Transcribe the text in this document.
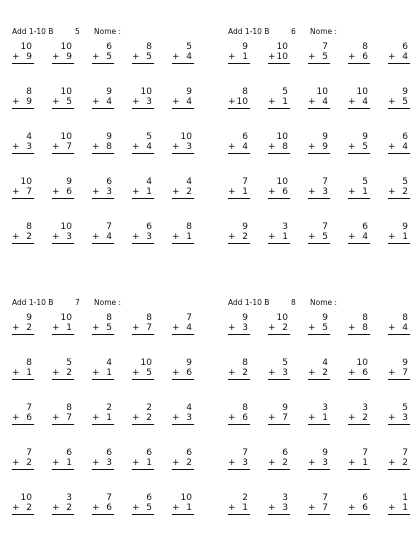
Add 1-10 B	5 Nome :
10
+ 9
10
+ 9
6
+ 5
8
+ 5
5
+ 4
8
+ 9
10
+ 5
9
+ 4
10
+ 3
9
+ 4
4
+ 3
10
+ 7
9
+ 8
5
+ 4
10
+ 3
10
+ 7
9
+ 6
6
+ 3
4
+ 1
4
+ 2
8
+ 2
10
+ 3
7
+ 4
6
+ 3
8
+ 1
Add 1-10 B	6 Nome :
9
+ 1
10
+ 10
7
+ 5
8
+ 6
6
+ 4
8
+ 10
5
+ 1
10
+ 4
10
+ 4
9
+ 5
6
+ 4
10
+ 8
9
+ 9
9
+ 5
6
+ 4
7
+ 1
10
+ 6
7
+ 3
5
+ 1
5
+ 2
9
+ 2
3
+ 1
7
+ 5
6
+ 4
9
+ 1
Add 1-10 B	7 Nome :
9
+ 2
10
+ 1
8
+ 5
8
+ 7
7
+ 4
8
+ 1
5
+ 2
4
+ 1
10
+ 5
9
+ 6
7
+ 6
8
+ 7
2
+ 1
2
+ 2
4
+ 3
7
+ 2
6
+ 1
6
+ 3
6
+ 1
6
+ 2
10
+ 2
3
+ 2
7
+ 6
6
+ 5
10
+ 1
Add 1-10 B	8 Nome :
9
+ 3
10
+ 2
9
+ 5
8
+ 8
8
+ 4
8
+ 2
5
+ 3
4
+ 2
10
+ 6
9
+ 7
8
+ 6
9
+ 7
3
+ 1
3
+ 2
5
+ 3
7
+ 3
6
+ 2
9
+ 3
7
+ 1
7
+ 2
2
+ 1
3
+ 3
7
+ 7
6
+ 6
1
+ 1
